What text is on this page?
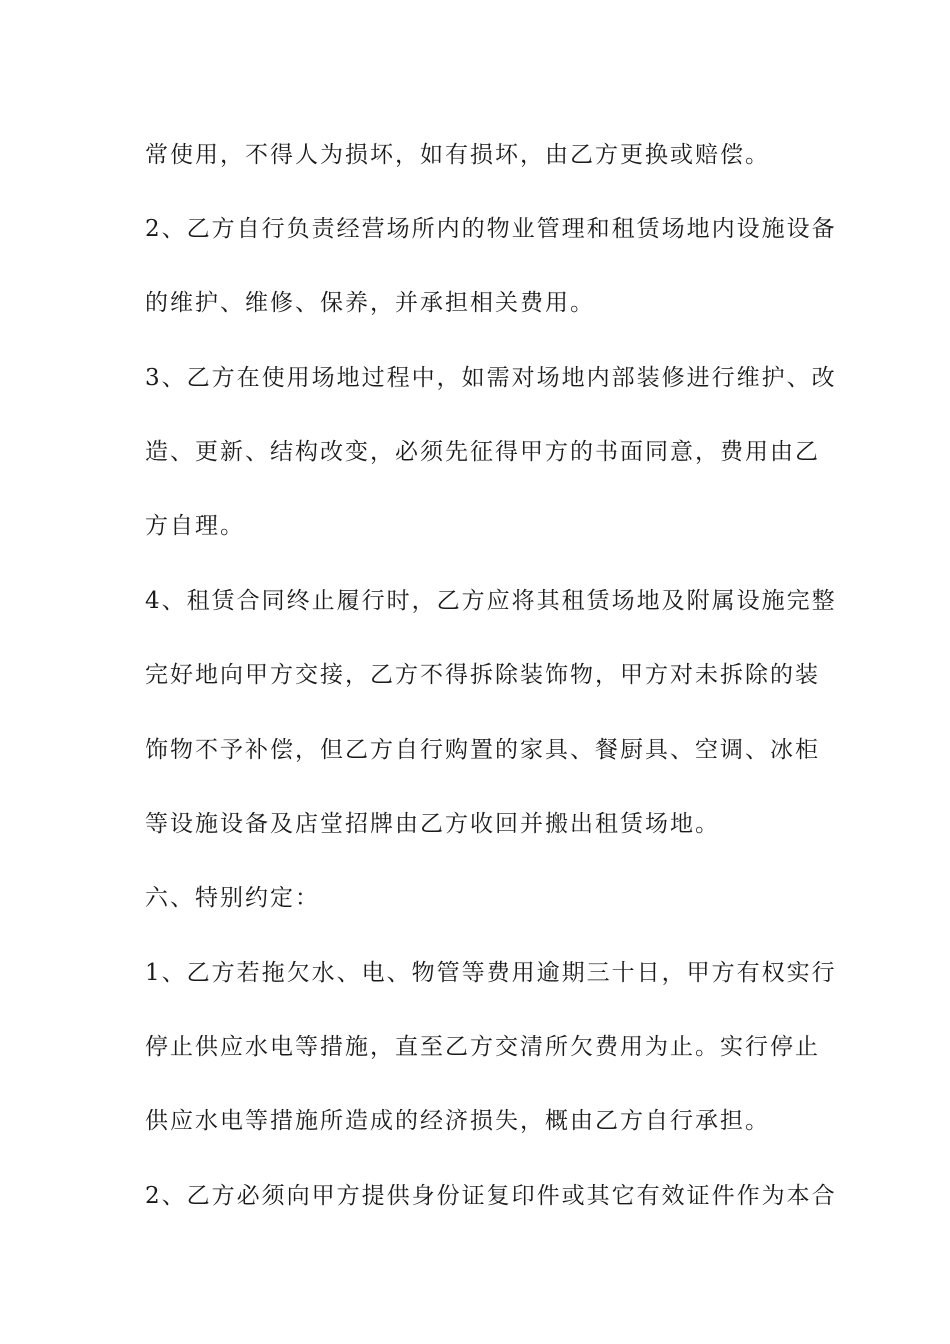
常使用，不得人为损坏，如有损坏，由乙方更换或赔偿。
2、乙方自行负责经营场所内的物业管理和租赁场地内设施设备
的维护、维修、保养，并承担相关费用。
3、乙方在使用场地过程中，如需对场地内部装修进行维护、改
造、更新、结构改变，必须先征得甲方的书面同意，费用由乙
方自理。
4、租赁合同终止履行时，乙方应将其租赁场地及附属设施完整
完好地向甲方交接，乙方不得拆除装饰物，甲方对未拆除的装
饰物不予补偿，但乙方自行购置的家具、餐厨具、空调、冰柜
等设施设备及店堂招牌由乙方收回并搬出租赁场地。
六、特别约定：
1、乙方若拖欠水、电、物管等费用逾期三十日，甲方有权实行
停止供应水电等措施，直至乙方交清所欠费用为止。实行停止
供应水电等措施所造成的经济损失，概由乙方自行承担。
2、乙方必须向甲方提供身份证复印件或其它有效证件作为本合
